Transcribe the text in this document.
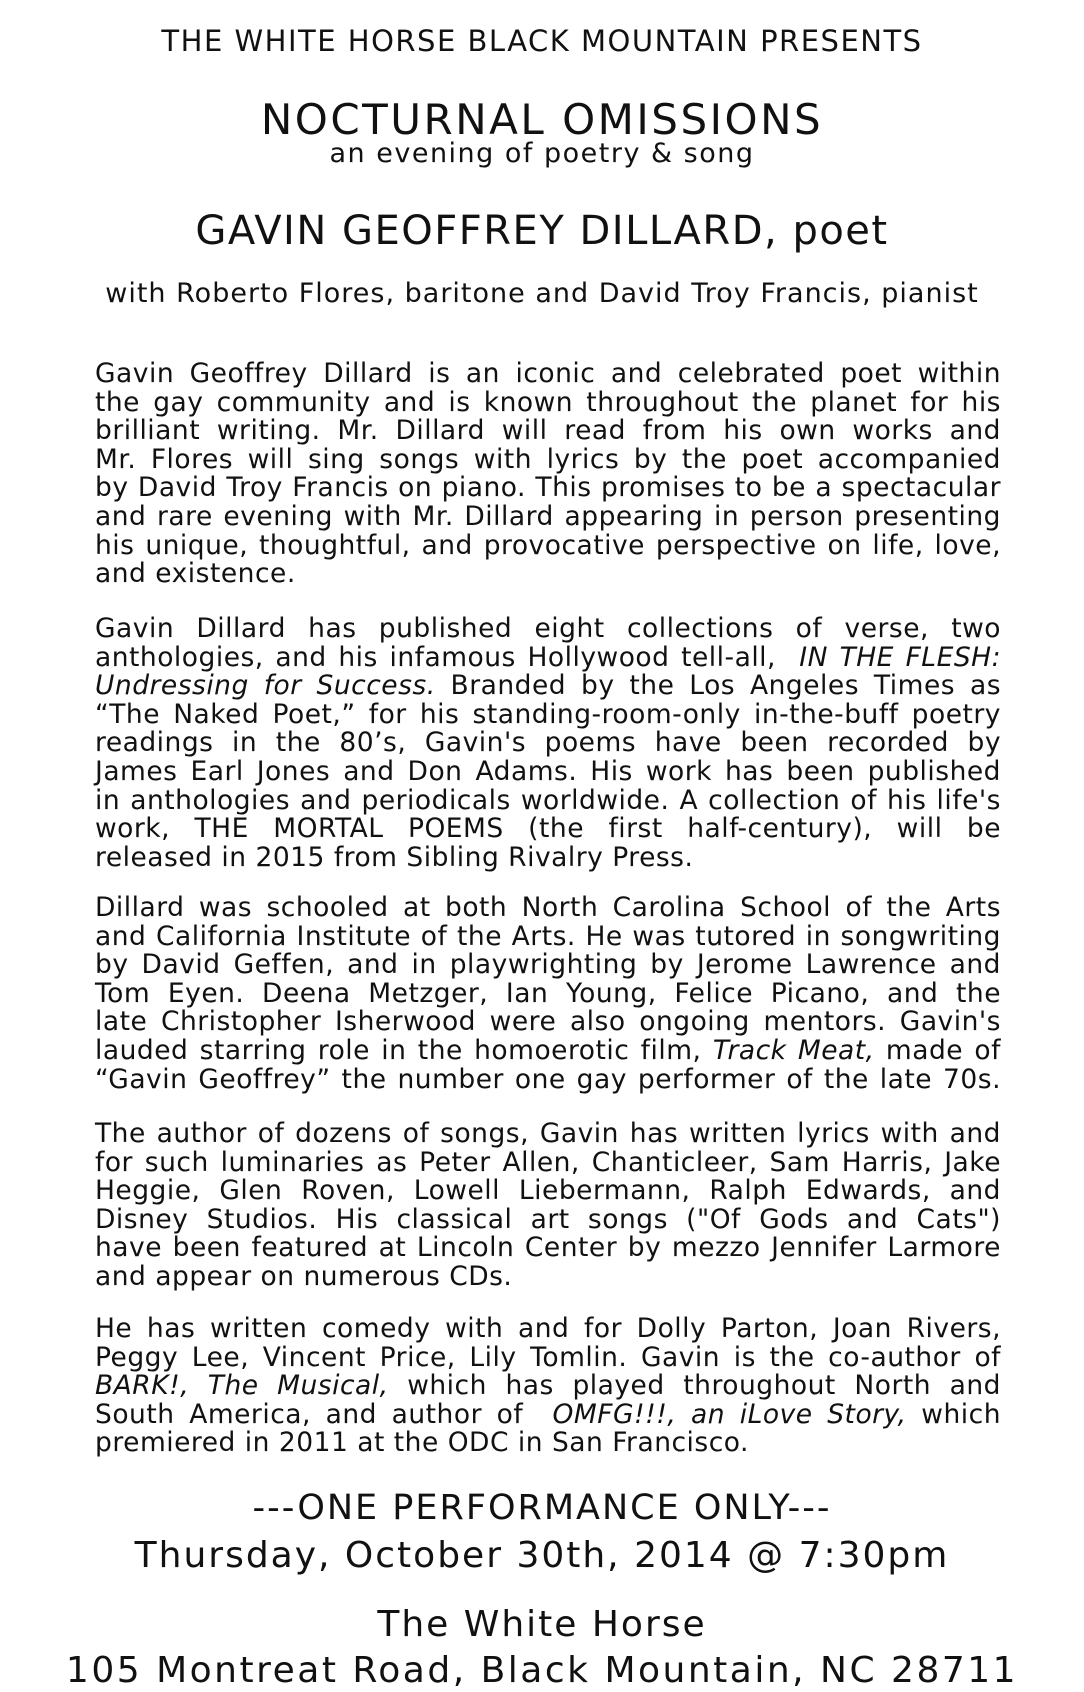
THE WHITE HORSE BLACK MOUNTAIN PRESENTS

NOCTURNAL OMISSIONS

an evening of poetry & song

GAVIN GEOFFREY DILLARD, poet

with Roberto Flores, baritone and David Troy Francis, pianist

Gavin Geoffrey Dillard is an iconic and celebrated poet within
the gay community and is known throughout the planet for his
brilliant writing. Mr. Dillard will read from his own works and
Mr. Flores will sing songs with lyrics by the poet accompanied
by David Troy Francis on piano. This promises to be a spectacular
and rare evening with Mr. Dillard appearing in person presenting
his unique, thoughtful, and provocative perspective on life, love,
and existence.
Gavin Dillard has published eight collections of verse, two
anthologies, and his infamous Hollywood tell-all, IN THE FLESH:
Undressing for Success. Branded by the Los Angeles Times as
“The Naked Poet,” for his standing-room-only in-the-buff poetry
readings in the 80’s, Gavin's poems have been recorded by
James Earl Jones and Don Adams. His work has been published
in anthologies and periodicals worldwide. A collection of his life's
work, THE MORTAL POEMS (the first half-century), will be
released in 2015 from Sibling Rivalry Press.
Dillard was schooled at both North Carolina School of the Arts
and California Institute of the Arts. He was tutored in songwriting
by David Geffen, and in playwrighting by Jerome Lawrence and
Tom Eyen. Deena Metzger, Ian Young, Felice Picano, and the
late Christopher Isherwood were also ongoing mentors. Gavin's
lauded starring role in the homoerotic film, Track Meat, made of
“Gavin Geoffrey” the number one gay performer of the late 70s.
The author of dozens of songs, Gavin has written lyrics with and
for such luminaries as Peter Allen, Chanticleer, Sam Harris, Jake
Heggie, Glen Roven, Lowell Liebermann, Ralph Edwards, and
Disney Studios. His classical art songs ("Of Gods and Cats")
have been featured at Lincoln Center by mezzo Jennifer Larmore
and appear on numerous CDs.
He has written comedy with and for Dolly Parton, Joan Rivers,
Peggy Lee, Vincent Price, Lily Tomlin. Gavin is the co-author of
BARK!, The Musical, which has played throughout North and
South America, and author of OMFG!!!, an iLove Story, which
premiered in 2011 at the ODC in San Francisco.

---ONE PERFORMANCE ONLY---

Thursday, October 30th, 2014 @ 7:30pm

The White Horse

105 Montreat Road, Black Mountain, NC 28711
